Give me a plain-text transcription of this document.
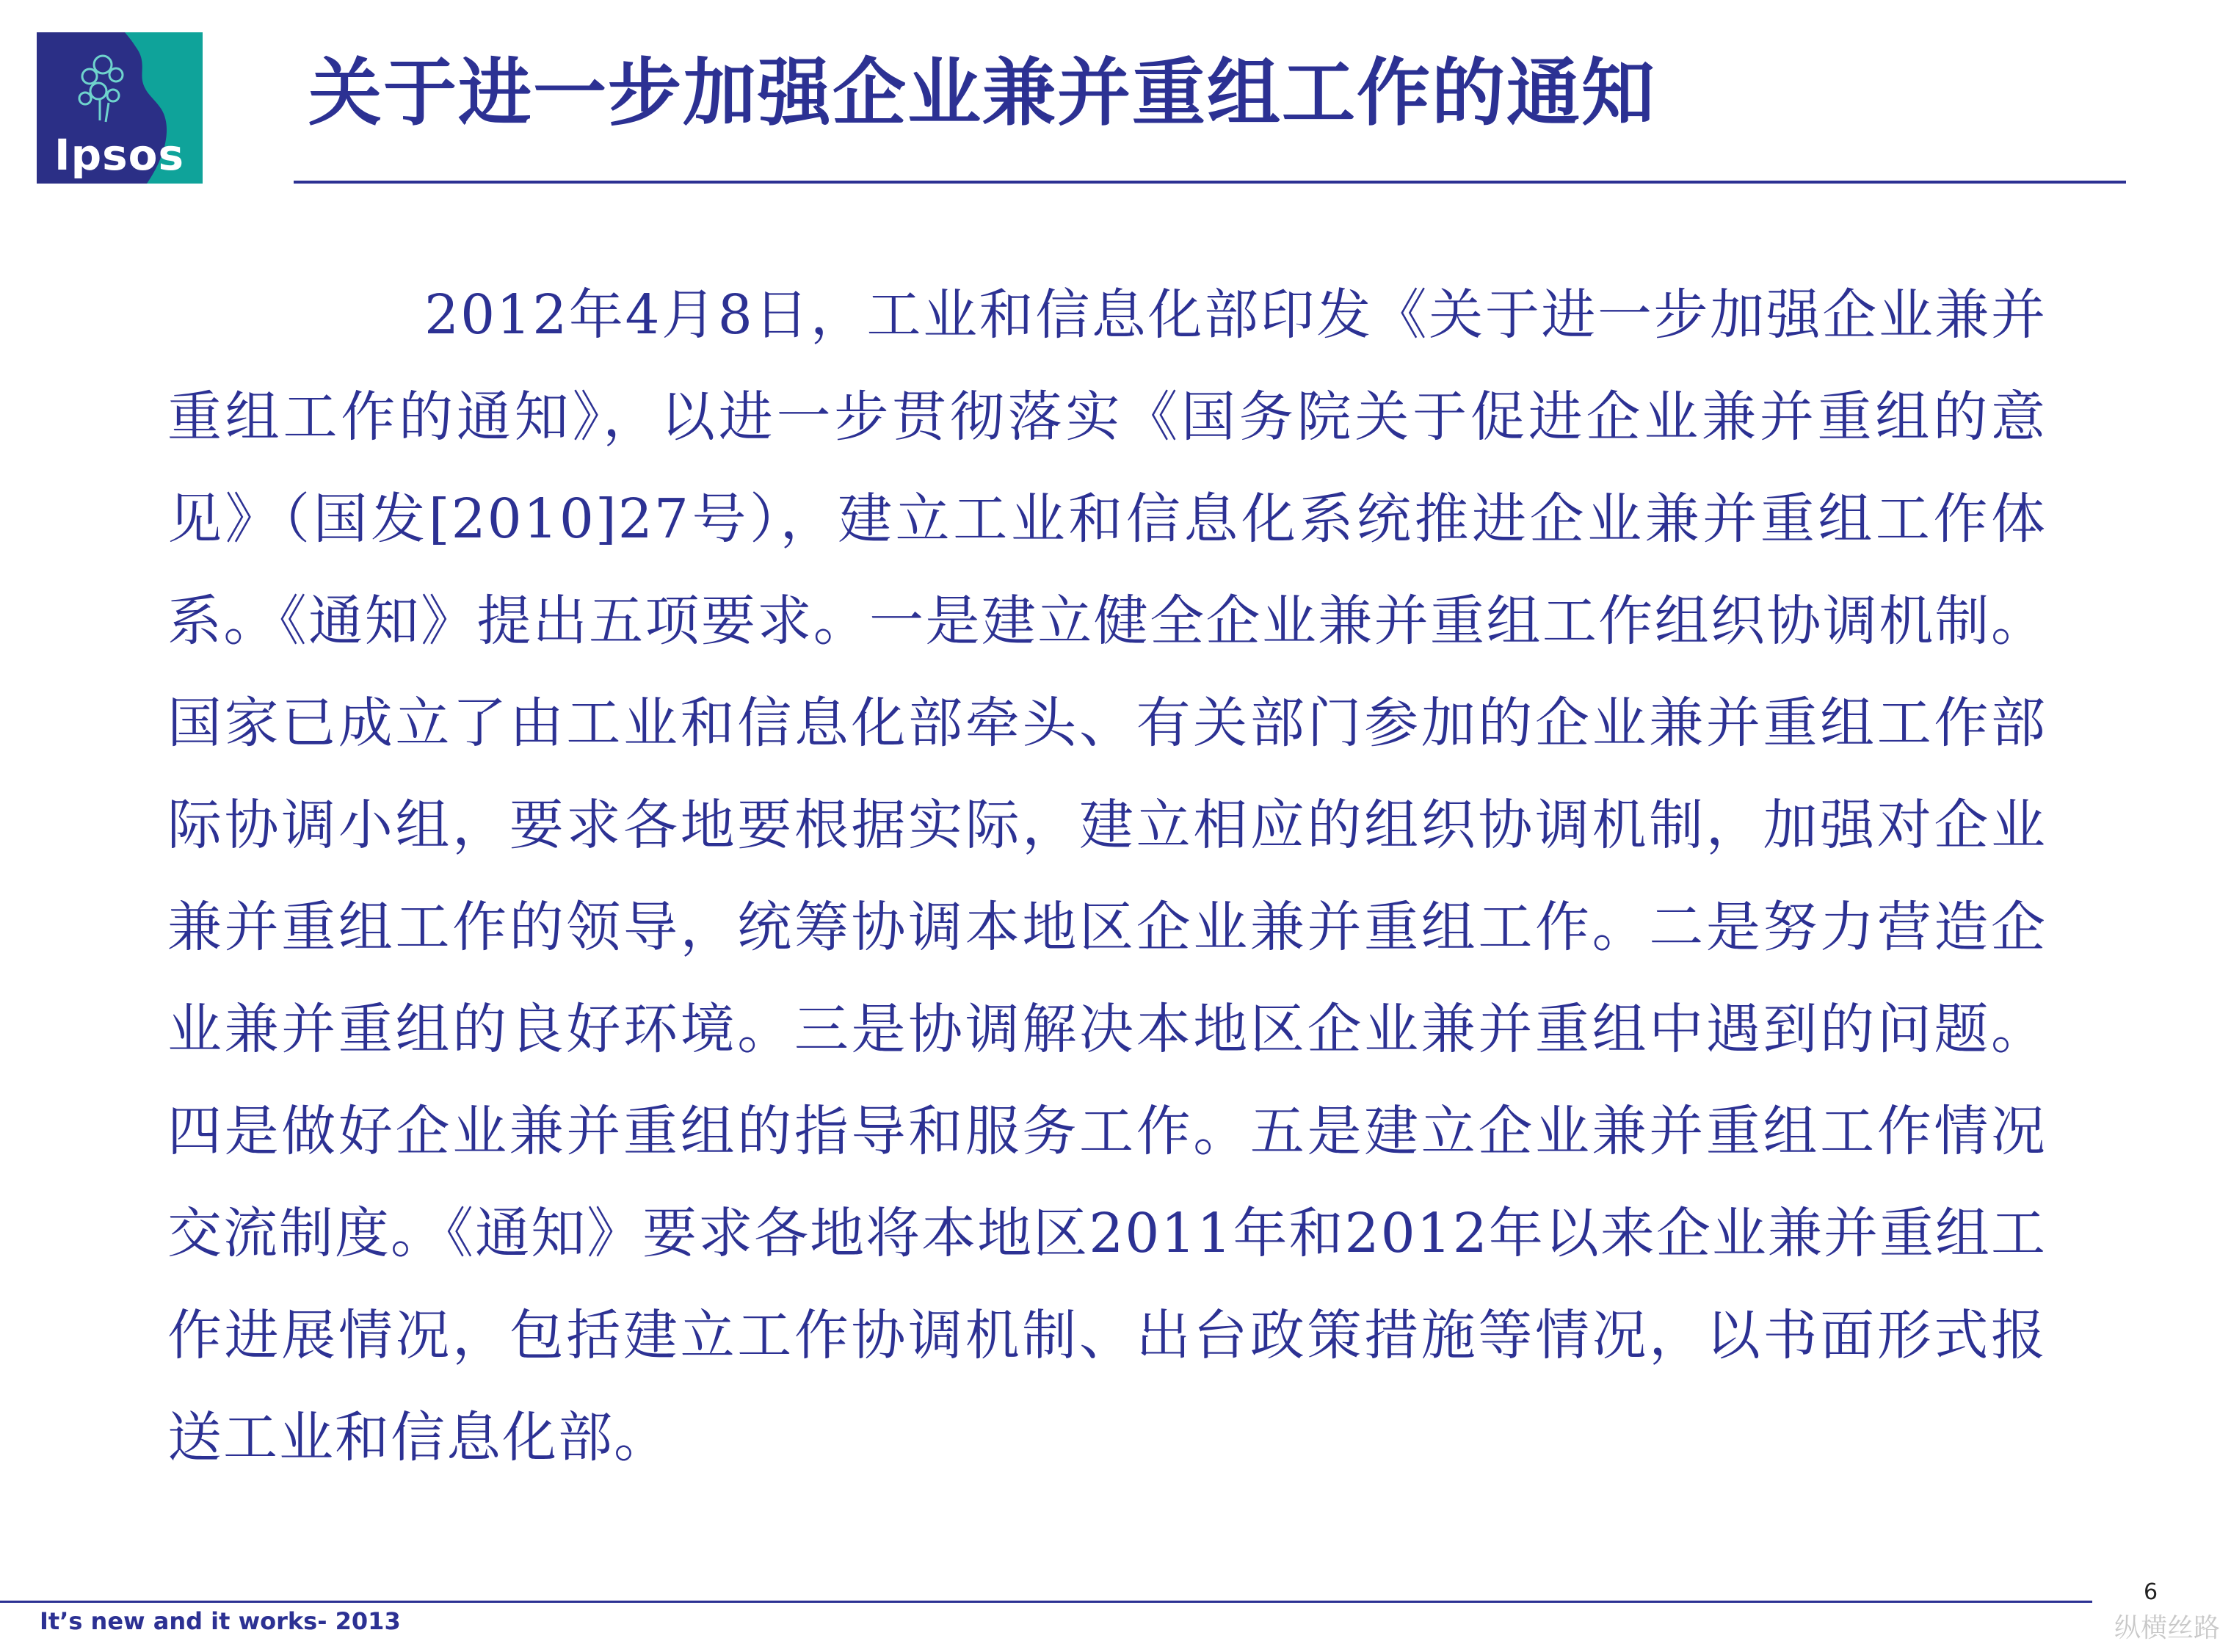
Ipsos
关于进一步加强企业兼并重组工作的通知

2012年4月8日，工业和信息化部印发《关于进一步加强企业兼并重组工作的通知》，以进一步贯彻落实《国务院关于促进企业兼并重组的意见》（国发[2010]27号），建立工业和信息化系统推进企业兼并重组工作体系。《通知》提出五项要求。一是建立健全企业兼并重组工作组织协调机制。国家已成立了由工业和信息化部牵头、有关部门参加的企业兼并重组工作部际协调小组，要求各地要根据实际，建立相应的组织协调机制，加强对企业兼并重组工作的领导，统筹协调本地区企业兼并重组工作。二是努力营造企业兼并重组的良好环境。三是协调解决本地区企业兼并重组中遇到的问题。四是做好企业兼并重组的指导和服务工作。五是建立企业兼并重组工作情况交流制度。《通知》要求各地将本地区2011年和2012年以来企业兼并重组工作进展情况，包括建立工作协调机制、出台政策措施等情况，以书面形式报送工业和信息化部。

It’s new and it works- 2013
6
纵横丝路
